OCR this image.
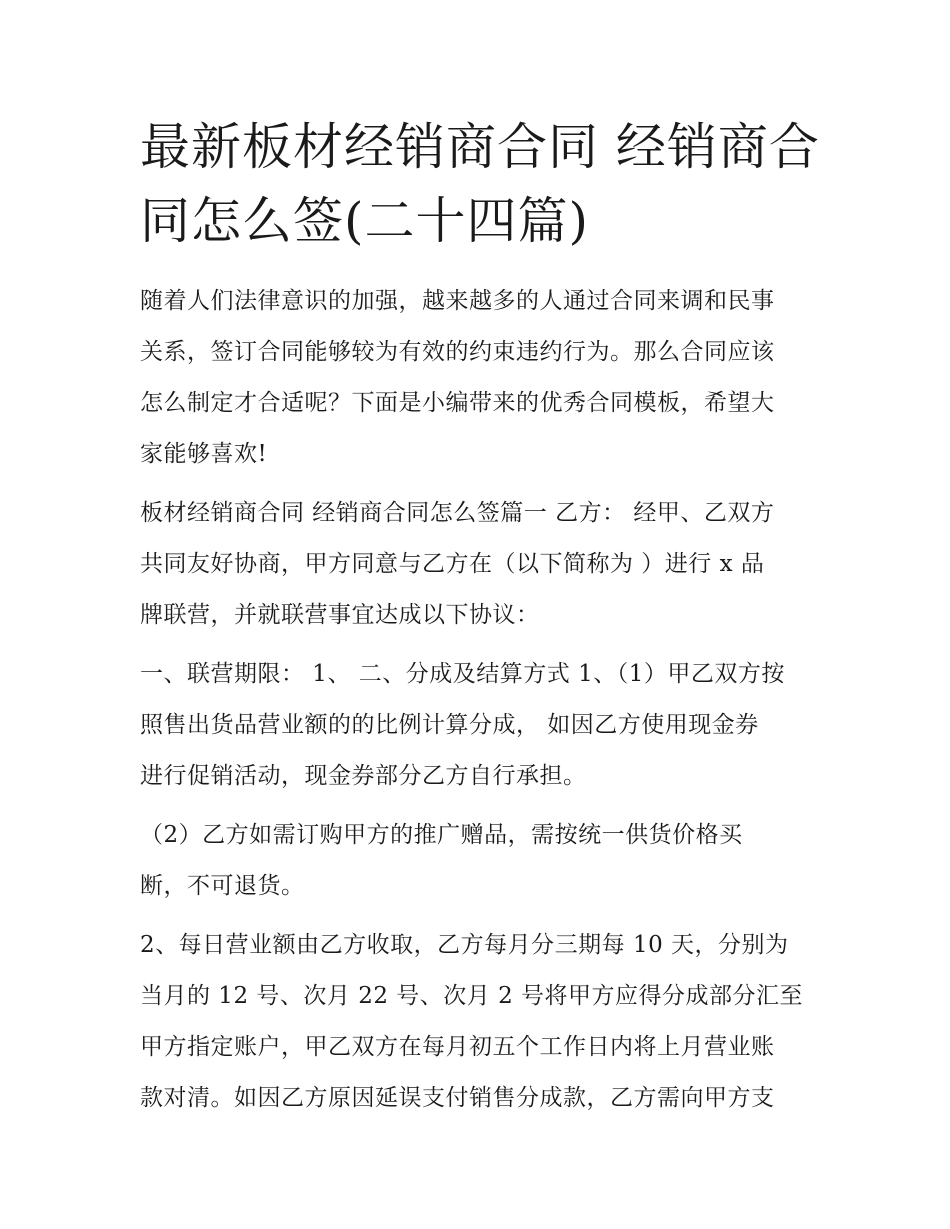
最新板材经销商合同 经销商合
同怎么签(二十四篇)

随着人们法律意识的加强，越来越多的人通过合同来调和民事
关系，签订合同能够较为有效的约束违约行为。那么合同应该
怎么制定才合适呢？下面是小编带来的优秀合同模板，希望大
家能够喜欢!

板材经销商合同 经销商合同怎么签篇一 乙方： 经甲、乙双方
共同友好协商，甲方同意与乙方在（以下简称为 ）进行 x 品
牌联营，并就联营事宜达成以下协议：

一、联营期限： 1、 二、分成及结算方式 1、（1）甲乙双方按
照售出货品营业额的的比例计算分成， 如因乙方使用现金券
进行促销活动，现金券部分乙方自行承担。

（2）乙方如需订购甲方的推广赠品，需按统一供货价格买
断，不可退货。

2、每日营业额由乙方收取，乙方每月分三期每 10 天，分别为
当月的 12 号、次月 22 号、次月 2 号将甲方应得分成部分汇至
甲方指定账户，甲乙双方在每月初五个工作日内将上月营业账
款对清。如因乙方原因延误支付销售分成款，乙方需向甲方支
